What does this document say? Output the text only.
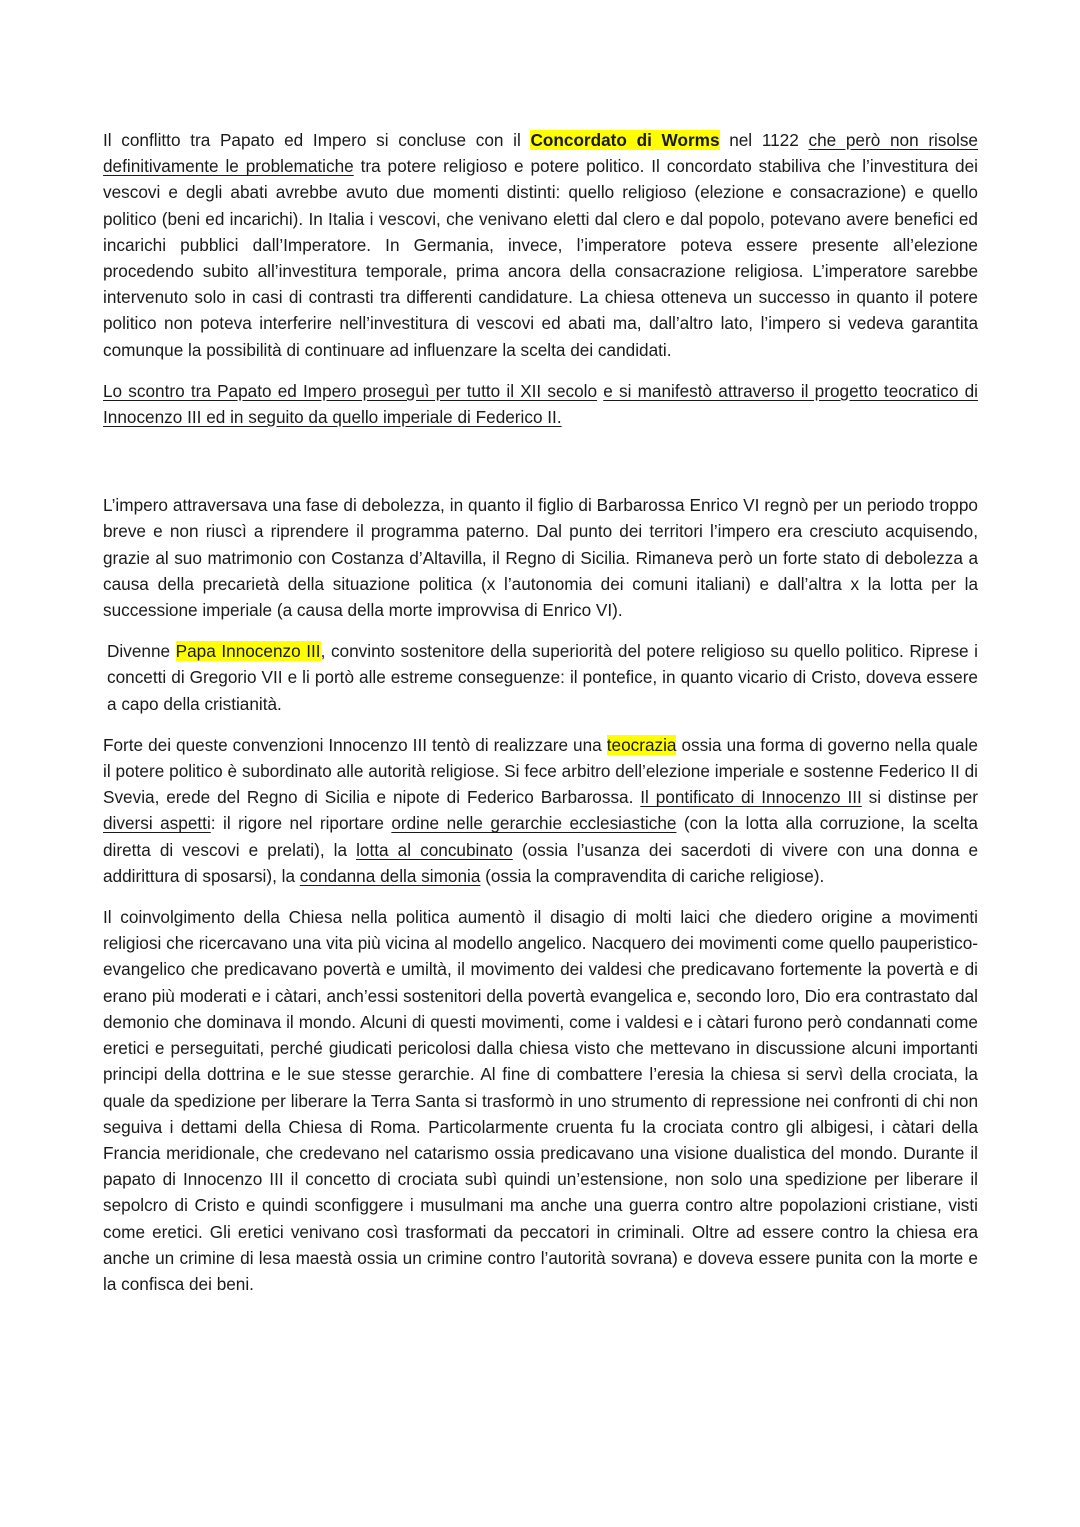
Il conflitto tra Papato ed Impero si concluse con il Concordato di Worms nel 1122 che però non risolse definitivamente le problematiche tra potere religioso e potere politico. Il concordato stabiliva che l’investitura dei vescovi e degli abati avrebbe avuto due momenti distinti: quello religioso (elezione e consacrazione) e quello politico (beni ed incarichi). In Italia i vescovi, che venivano eletti dal clero e dal popolo, potevano avere benefici ed incarichi pubblici dall’Imperatore. In Germania, invece, l’imperatore poteva essere presente all’elezione procedendo subito all’investitura temporale, prima ancora della consacrazione religiosa. L’imperatore sarebbe intervenuto solo in casi di contrasti tra differenti candidature. La chiesa otteneva un successo in quanto il potere politico non poteva interferire nell’investitura di vescovi ed abati ma, dall’altro lato, l’impero si vedeva garantita comunque la possibilità di continuare ad influenzare la scelta dei candidati.

Lo scontro tra Papato ed Impero proseguì per tutto il XII secolo e si manifestò attraverso il progetto teocratico di Innocenzo III ed in seguito da quello imperiale di Federico II.

L’impero attraversava una fase di debolezza, in quanto il figlio di Barbarossa Enrico VI regnò per un periodo troppo breve e non riuscì a riprendere il programma paterno. Dal punto dei territori l’impero era cresciuto acquisendo, grazie al suo matrimonio con Costanza d’Altavilla, il Regno di Sicilia. Rimaneva però un forte stato di debolezza a causa della precarietà della situazione politica (x l’autonomia dei comuni italiani) e dall’altra x la lotta per la successione imperiale (a causa della morte improvvisa di Enrico VI).

Divenne Papa Innocenzo III, convinto sostenitore della superiorità del potere religioso su quello politico. Riprese i concetti di Gregorio VII e li portò alle estreme conseguenze: il pontefice, in quanto vicario di Cristo, doveva essere a capo della cristianità.

Forte dei queste convenzioni Innocenzo III tentò di realizzare una teocrazia ossia una forma di governo nella quale il potere politico è subordinato alle autorità religiose. Si fece arbitro dell’elezione imperiale e sostenne Federico II di Svevia, erede del Regno di Sicilia e nipote di Federico Barbarossa. Il pontificato di Innocenzo III si distinse per diversi aspetti: il rigore nel riportare ordine nelle gerarchie ecclesiastiche (con la lotta alla corruzione, la scelta diretta di vescovi e prelati), la lotta al concubinato (ossia l’usanza dei sacerdoti di vivere con una donna e addirittura di sposarsi), la condanna della simonia (ossia la compravendita di cariche religiose).

Il coinvolgimento della Chiesa nella politica aumentò il disagio di molti laici che diedero origine a movimenti religiosi che ricercavano una vita più vicina al modello angelico. Nacquero dei movimenti come quello pauperistico- evangelico che predicavano povertà e umiltà, il movimento dei valdesi che predicavano fortemente la povertà e di erano più moderati e i càtari, anch’essi sostenitori della povertà evangelica e, secondo loro, Dio era contrastato dal demonio che dominava il mondo. Alcuni di questi movimenti, come i valdesi e i càtari furono però condannati come eretici e perseguitati, perché giudicati pericolosi dalla chiesa visto che mettevano in discussione alcuni importanti principi della dottrina e le sue stesse gerarchie. Al fine di combattere l’eresia la chiesa si servì della crociata, la quale da spedizione per liberare la Terra Santa si trasformò in uno strumento di repressione nei confronti di chi non seguiva i dettami della Chiesa di Roma. Particolarmente cruenta fu la crociata contro gli albigesi, i càtari della Francia meridionale, che credevano nel catarismo ossia predicavano una visione dualistica del mondo. Durante il papato di Innocenzo III il concetto di crociata subì quindi un’estensione, non solo una spedizione per liberare il sepolcro di Cristo e quindi sconfiggere i musulmani ma anche una guerra contro altre popolazioni cristiane, visti come eretici. Gli eretici venivano così trasformati da peccatori in criminali. Oltre ad essere contro la chiesa era anche un crimine di lesa maestà ossia un crimine contro l’autorità sovrana) e doveva essere punita con la morte e la confisca dei beni.
